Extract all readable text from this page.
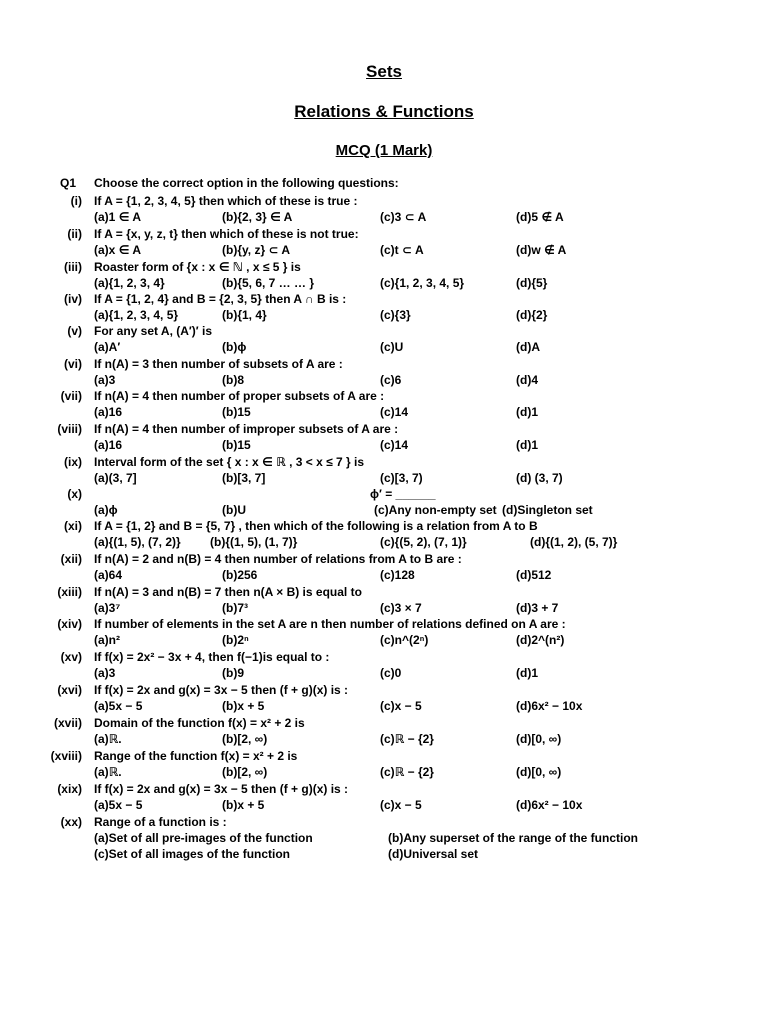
Sets
Relations & Functions
MCQ (1 Mark)
Q1 Choose the correct option in the following questions:
(i) If A = {1, 2, 3, 4, 5} then which of these is true :
(a)1 ∈ A	(b){2, 3} ∈ A	(c)3 ⊂ A	(d)5 ∉ A
(ii) If A = {x, y, z, t} then which of these is not true:
(a)x ∈ A	(b){y, z} ⊂ A	(c)t ⊂ A	(d)w ∉ A
(iii) Roaster form of {x : x ∈ ℕ , x ≤ 5 } is
(a){1, 2, 3, 4}	(b){5, 6, 7 … … }	(c){1, 2, 3, 4, 5}	(d){5}
(iv) If A = {1, 2, 4} and B = {2, 3, 5} then A ∩ B is :
(a){1, 2, 3, 4, 5}	(b){1, 4}	(c){3}	(d){2}
(v) For any set A, (A′)′ is
(a)A′	(b)ϕ	(c)U	(d)A
(vi) If n(A) = 3 then number of subsets of A are :
(a)3	(b)8	(c)6	(d)4
(vii) If n(A) = 4 then number of proper subsets of A are :
(a)16	(b)15	(c)14	(d)1
(viii) If n(A) = 4 then number of improper subsets of A are :
(a)16	(b)15	(c)14	(d)1
(ix) Interval form of the set { x : x ∈ ℝ , 3 < x ≤ 7 } is
(a)(3, 7]	(b)[3, 7]	(c)[3, 7)	(d) (3, 7)
(x)	ϕ′ = ______
(a)ϕ	(b)U	(c)Any non-empty set (d)Singleton set
(xi) If A = {1, 2} and B = {5, 7} , then which of the following is a relation from A to B
(a){(1, 5), (7, 2)} (b){(1, 5), (1, 7)}	(c){(5, 2), (7, 1)}	(d){(1, 2), (5, 7)}
(xii) If n(A) = 2 and n(B) = 4 then number of relations from A to B are :
(a)64	(b)256	(c)128	(d)512
(xiii) If n(A) = 3 and n(B) = 7 then n(A × B) is equal to
(a)3⁷	(b)7³	(c)3 × 7	(d)3 + 7
(xiv) If number of elements in the set A are n then number of relations defined on A are :
(a)n²	(b)2ⁿ	(c)n^(2ⁿ)	(d)2^(n²)
(xv) If f(x) = 2x² − 3x + 4, then f(−1)is equal to :
(a)3	(b)9	(c)0	(d)1
(xvi) If f(x) = 2x and g(x) = 3x − 5 then (f + g)(x) is :
(a)5x − 5	(b)x + 5	(c)x − 5	(d)6x² − 10x
(xvii) Domain of the function f(x) = x² + 2 is
(a)ℝ.	(b)[2, ∞)	(c)ℝ − {2}	(d)[0, ∞)
(xviii) Range of the function f(x) = x² + 2 is
(a)ℝ.	(b)[2, ∞)	(c)ℝ − {2}	(d)[0, ∞)
(xix) If f(x) = 2x and g(x) = 3x − 5 then (f + g)(x) is :
(a)5x − 5	(b)x + 5	(c)x − 5	(d)6x² − 10x
(xx) Range of a function is :
(a)Set of all pre-images of the function	(b)Any superset of the range of the function
(c)Set of all images of the function	(d)Universal set
